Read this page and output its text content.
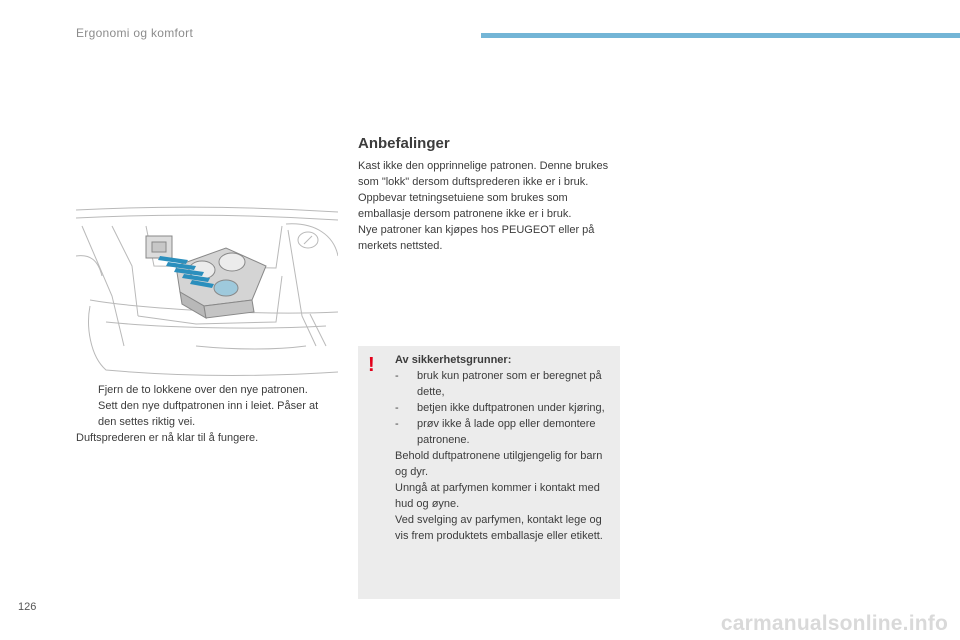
Ergonomi og komfort
Fjern de to lokkene over den nye patronen.
Sett den nye duftpatronen inn i leiet. Påser at den settes riktig vei.
Duftsprederen er nå klar til å fungere.
Anbefalinger
Kast ikke den opprinnelige patronen. Denne brukes som "lokk" dersom duftsprederen ikke er i bruk.
Oppbevar tetningsetuiene som brukes som emballasje dersom patronene ikke er i bruk.
Nye patroner kan kjøpes hos PEUGEOT eller på merkets nettsted.
! Av sikkerhetsgrunner:
- bruk kun patroner som er beregnet på dette,
- betjen ikke duftpatronen under kjøring,
- prøv ikke å lade opp eller demontere patronene.
Behold duftpatronene utilgjengelig for barn og dyr.
Unngå at parfymen kommer i kontakt med hud og øyne.
Ved svelging av parfymen, kontakt lege og vis frem produktets emballasje eller etikett.
126
carmanualsonline.info
